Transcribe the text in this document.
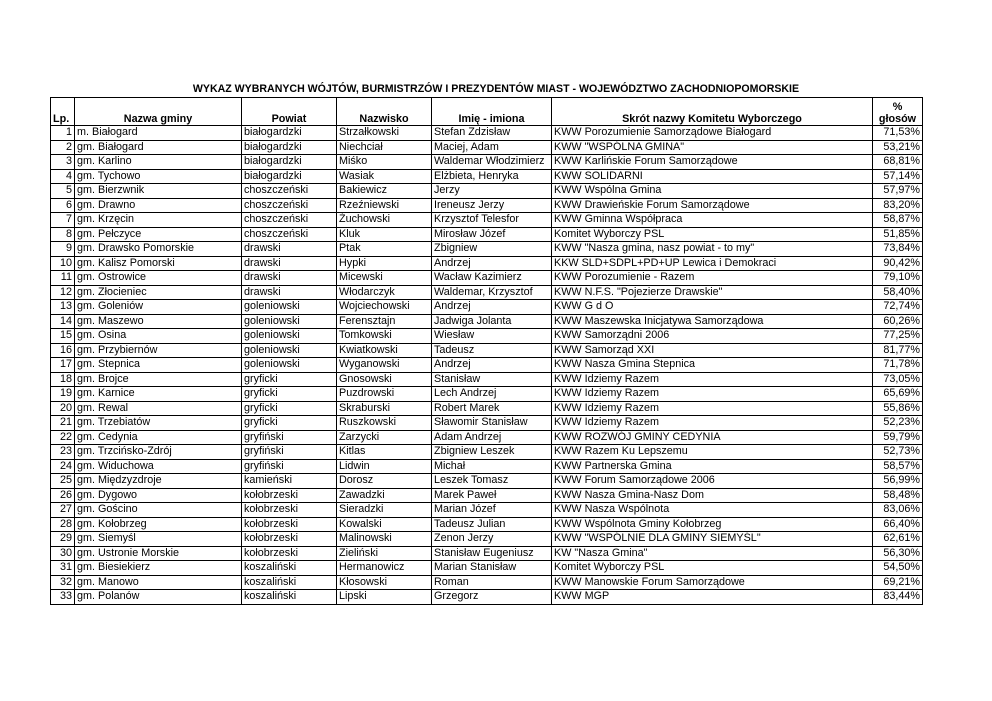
WYKAZ WYBRANYCH WÓJTÓW, BURMISTRZÓW I PREZYDENTÓW MIAST - WOJEWÓDZTWO ZACHODNIOPOMORSKIE
Lp.	Nazwa gminy	Powiat	Nazwisko	Imię - imiona	Skrót nazwy Komitetu Wyborczego	%
głosów
1	m. Białogard	białogardzki	Strzałkowski	Stefan Zdzisław	KWW Porozumienie Samorządowe Białogard	71,53%
2	gm. Białogard	białogardzki	Niechciał	Maciej, Adam	KWW "WSPÓLNA GMINA"	53,21%
3	gm. Karlino	białogardzki	Miśko	Waldemar Włodzimierz	KWW Karlińskie Forum Samorządowe	68,81%
4	gm. Tychowo	białogardzki	Wasiak	Elżbieta, Henryka	KWW SOLIDARNI	57,14%
5	gm. Bierzwnik	choszczeński	Bakiewicz	Jerzy	KWW Wspólna Gmina	57,97%
6	gm. Drawno	choszczeński	Rzeźniewski	Ireneusz Jerzy	KWW Drawieńskie Forum Samorządowe	83,20%
7	gm. Krzęcin	choszczeński	Żuchowski	Krzysztof Telesfor	KWW Gminna Współpraca	58,87%
8	gm. Pełczyce	choszczeński	Kluk	Mirosław Józef	Komitet Wyborczy PSL	51,85%
9	gm. Drawsko Pomorskie	drawski	Ptak	Zbigniew	KWW "Nasza gmina, nasz powiat - to my"	73,84%
10	gm. Kalisz Pomorski	drawski	Hypki	Andrzej	KKW SLD+SDPL+PD+UP Lewica i Demokraci	90,42%
11	gm. Ostrowice	drawski	Micewski	Wacław Kazimierz	KWW Porozumienie - Razem	79,10%
12	gm. Złocieniec	drawski	Włodarczyk	Waldemar, Krzysztof	KWW N.F.S. "Pojezierze Drawskie"	58,40%
13	gm. Goleniów	goleniowski	Wojciechowski	Andrzej	KWW G d O	72,74%
14	gm. Maszewo	goleniowski	Ferensztajn	Jadwiga Jolanta	KWW Maszewska Inicjatywa Samorządowa	60,26%
15	gm. Osina	goleniowski	Tomkowski	Wiesław	KWW Samorządni 2006	77,25%
16	gm. Przybiernów	goleniowski	Kwiatkowski	Tadeusz	KWW Samorząd XXI	81,77%
17	gm. Stepnica	goleniowski	Wyganowski	Andrzej	KWW Nasza Gmina Stepnica	71,78%
18	gm. Brojce	gryficki	Gnosowski	Stanisław	KWW Idziemy Razem	73,05%
19	gm. Karnice	gryficki	Puzdrowski	Lech Andrzej	KWW Idziemy Razem	65,69%
20	gm. Rewal	gryficki	Skraburski	Robert Marek	KWW Idziemy Razem	55,86%
21	gm. Trzebiatów	gryficki	Ruszkowski	Sławomir Stanisław	KWW Idziemy Razem	52,23%
22	gm. Cedynia	gryfiński	Zarzycki	Adam Andrzej	KWW ROZWÓJ GMINY CEDYNIA	59,79%
23	gm. Trzcińsko-Zdrój	gryfiński	Kitlas	Zbigniew Leszek	KWW Razem Ku Lepszemu	52,73%
24	gm. Widuchowa	gryfiński	Lidwin	Michał	KWW Partnerska Gmina	58,57%
25	gm. Międzyzdroje	kamieński	Dorosz	Leszek Tomasz	KWW Forum Samorządowe 2006	56,99%
26	gm. Dygowo	kołobrzeski	Zawadzki	Marek Paweł	KWW Nasza Gmina-Nasz Dom	58,48%
27	gm. Gościno	kołobrzeski	Sieradzki	Marian Józef	KWW Nasza Wspólnota	83,06%
28	gm. Kołobrzeg	kołobrzeski	Kowalski	Tadeusz Julian	KWW Wspólnota Gminy Kołobrzeg	66,40%
29	gm. Siemyśl	kołobrzeski	Malinowski	Zenon Jerzy	KWW "WSPÓLNIE DLA GMINY SIEMYŚL"	62,61%
30	gm. Ustronie Morskie	kołobrzeski	Zieliński	Stanisław Eugeniusz	KW "Nasza Gmina"	56,30%
31	gm. Biesiekierz	koszaliński	Hermanowicz	Marian Stanisław	Komitet Wyborczy PSL	54,50%
32	gm. Manowo	koszaliński	Kłosowski	Roman	KWW Manowskie Forum Samorządowe	69,21%
33	gm. Polanów	koszaliński	Lipski	Grzegorz	KWW MGP	83,44%
